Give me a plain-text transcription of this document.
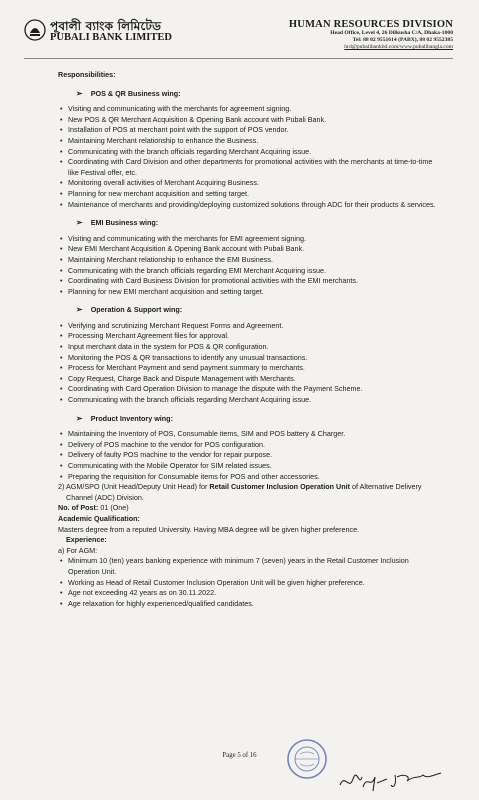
পূবালী ব্যাংক লিমিটেড
PUBALI BANK LIMITED
HUMAN RESOURCES DIVISION
Head Office, Level 4, 26 Dilkusha C/A, Dhaka-1000
Tel: 88 02 9551614 (PABX), 88 02 9552385
hrd@pubalibankbd.com/www.pubalibangla.com

Responsibilities:

➢ POS & QR Business wing:
• Visiting and communicating with the merchants for agreement signing.
• New POS & QR Merchant Acquisition & Opening Bank account with Pubali Bank.
• Installation of POS at merchant point with the support of POS vendor.
• Maintaining Merchant relationship to enhance the Business.
• Communicating with the branch officials regarding Merchant Acquiring issue.
• Coordinating with Card Division and other departments for promotional activities with the merchants at time-to-time like Festival offer, etc.
• Monitoring overall activities of Merchant Acquiring Business.
• Planning for new merchant acquisition and setting target.
• Maintenance of merchants and providing/deploying customized solutions through ADC for their products & services.
➢ EMI Business wing:
• Visiting and communicating with the merchants for EMI agreement signing.
• New EMI Merchant Acquisition & Opening Bank account with Pubali Bank.
• Maintaining Merchant relationship to enhance the EMI Business.
• Communicating with the branch officials regarding EMI Merchant Acquiring issue.
• Coordinating with Card Business Division for promotional activities with the EMI merchants.
• Planning for new EMI merchant acquisition and setting target.
➢ Operation & Support wing:
• Verifying and scrutinizing Merchant Request Forms and Agreement.
• Processing Merchant Agreement files for approval.
• Input merchant data in the system for POS & QR configuration.
• Monitoring the POS & QR transactions to identify any unusual transactions.
• Process for Merchant Payment and send payment summary to merchants.
• Copy Request, Charge Back and Dispute Management with Merchants.
• Coordinating with Card Operation Division to manage the dispute with the Payment Scheme.
• Communicating with the branch officials regarding Merchant Acquiring issue.
➢ Product Inventory wing:
• Maintaining the Inventory of POS, Consumable items, SIM and POS battery & Charger.
• Delivery of POS machine to the vendor for POS configuration.
• Delivery of faulty POS machine to the vendor for repair purpose.
• Communicating with the Mobile Operator for SIM related issues.
• Preparing the requisition for Consumable items for POS and other accessories.

2) AGM/SPO (Unit Head/Deputy Unit Head) for Retail Customer Inclusion Operation Unit of Alternative Delivery Channel (ADC) Division.

No. of Post: 01 (One)

Academic Qualification:

Masters degree from a reputed University. Having MBA degree will be given higher preference.

Experience:

a) For AGM:

• Minimum 10 (ten) years banking experience with minimum 7 (seven) years in the Retail Customer Inclusion Operation Unit.
• Working as Head of Retail Customer Inclusion Operation Unit will be given higher preference.
• Age not exceeding 42 years as on 30.11.2022.
• Age relaxation for highly experienced/qualified candidates.
Page 5 of 16
